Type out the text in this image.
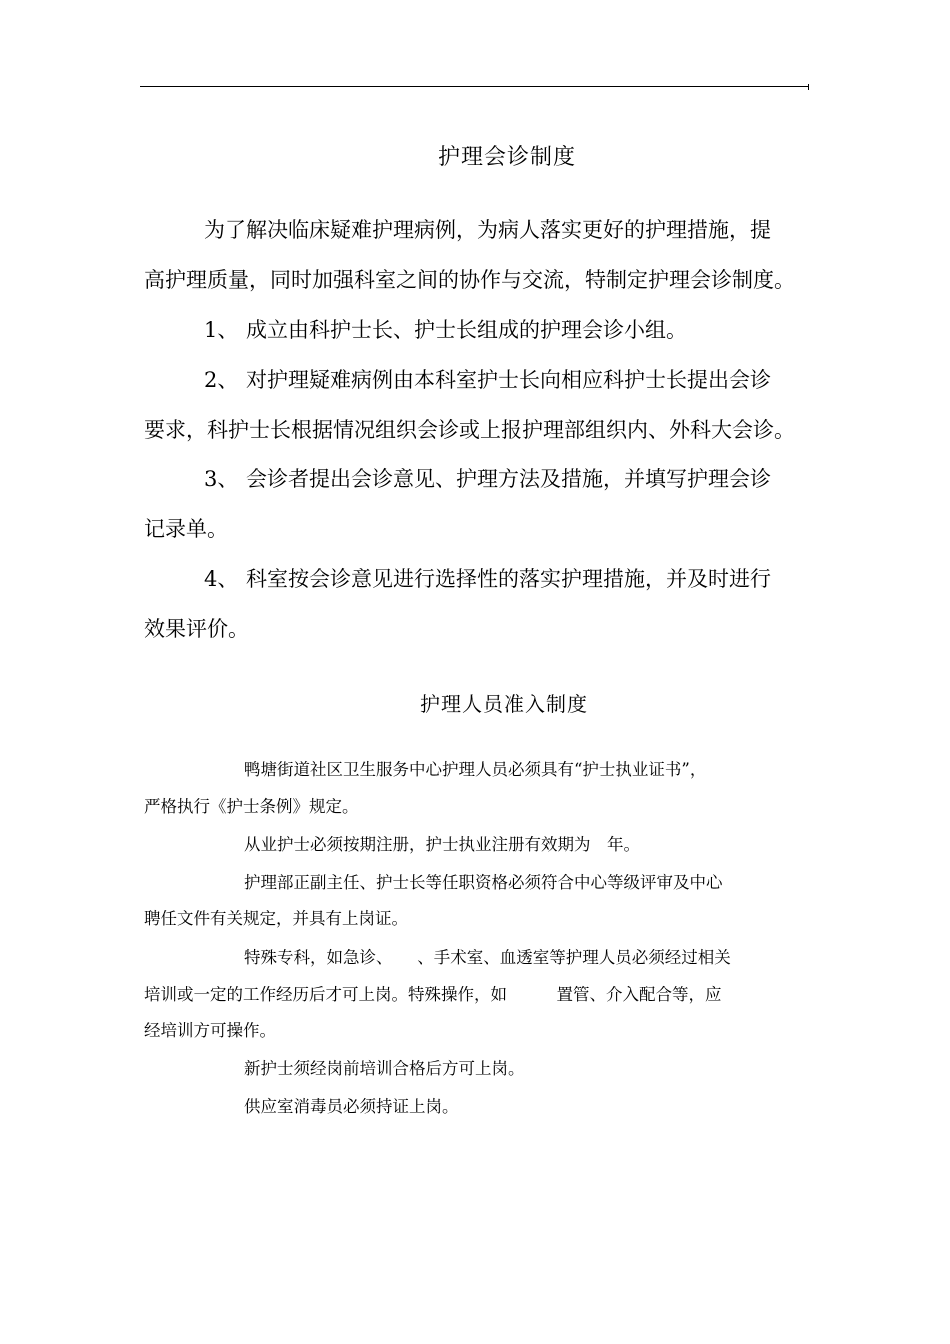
护理会诊制度
为了解决临床疑难护理病例，为病人落实更好的护理措施，提
高护理质量，同时加强科室之间的协作与交流，特制定护理会诊制度。
1、 成立由科护士长、护士长组成的护理会诊小组。
2、 对护理疑难病例由本科室护士长向相应科护士长提出会诊
要求，科护士长根据情况组织会诊或上报护理部组织内、外科大会诊。
3、 会诊者提出会诊意见、护理方法及措施，并填写护理会诊
记录单。
4、 科室按会诊意见进行选择性的落实护理措施，并及时进行
效果评价。
护理人员准入制度
鸭塘街道社区卫生服务中心护理人员必须具有“护士执业证书”，
严格执行《护士条例》规定。
从业护士必须按期注册，护士执业注册有效期为　年。
护理部正副主任、护士长等任职资格必须符合中心等级评审及中心
聘任文件有关规定，并具有上岗证。
特殊专科，如急诊、　　、手术室、血透室等护理人员必须经过相关
培训或一定的工作经历后才可上岗。特殊操作，如　　　置管、介入配合等，应
经培训方可操作。
新护士须经岗前培训合格后方可上岗。
供应室消毒员必须持证上岗。
